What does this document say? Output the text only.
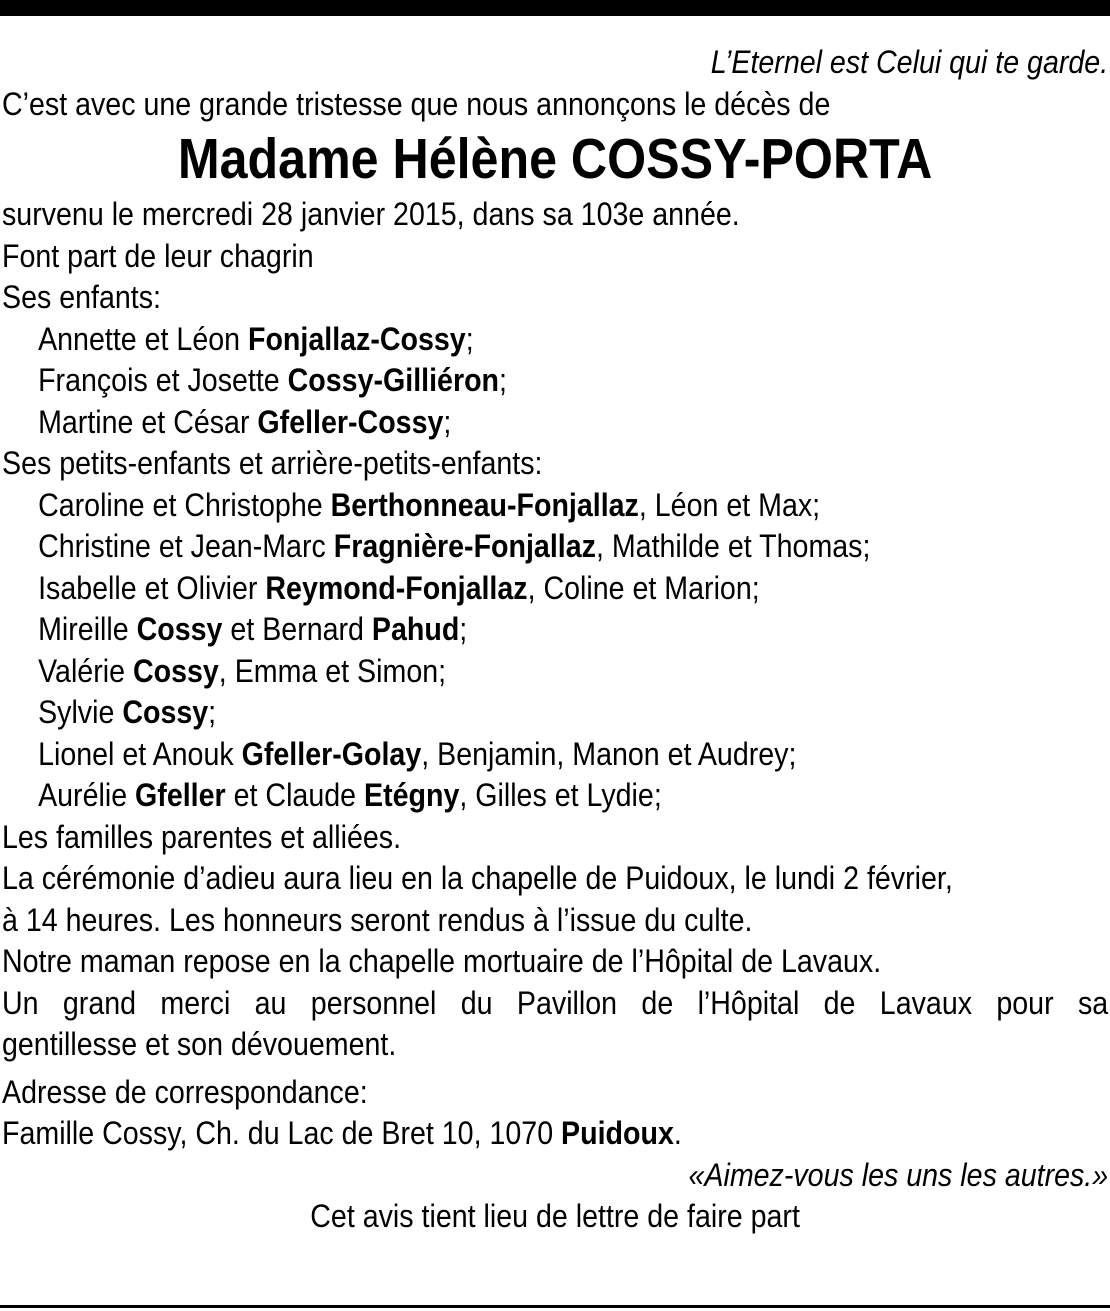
L’Eternel est Celui qui te garde.
C’est avec une grande tristesse que nous annonçons le décès de
Madame Hélène COSSY-PORTA
survenu le mercredi 28 janvier 2015, dans sa 103e année.
Font part de leur chagrin
Ses enfants:
Annette et Léon Fonjallaz-Cossy;
François et Josette Cossy-Gilliéron;
Martine et César Gfeller-Cossy;
Ses petits-enfants et arrière-petits-enfants:
Caroline et Christophe Berthonneau-Fonjallaz, Léon et Max;
Christine et Jean-Marc Fragnière-Fonjallaz, Mathilde et Thomas;
Isabelle et Olivier Reymond-Fonjallaz, Coline et Marion;
Mireille Cossy et Bernard Pahud;
Valérie Cossy, Emma et Simon;
Sylvie Cossy;
Lionel et Anouk Gfeller-Golay, Benjamin, Manon et Audrey;
Aurélie Gfeller et Claude Etégny, Gilles et Lydie;
Les familles parentes et alliées.
La cérémonie d’adieu aura lieu en la chapelle de Puidoux, le lundi 2 février,
à 14 heures. Les honneurs seront rendus à l’issue du culte.
Notre maman repose en la chapelle mortuaire de l’Hôpital de Lavaux.
Un grand merci au personnel du Pavillon de l’Hôpital de Lavaux pour sa
gentillesse et son dévouement.
Adresse de correspondance:
Famille Cossy, Ch. du Lac de Bret 10, 1070 Puidoux.
«Aimez-vous les uns les autres.»
Cet avis tient lieu de lettre de faire part
